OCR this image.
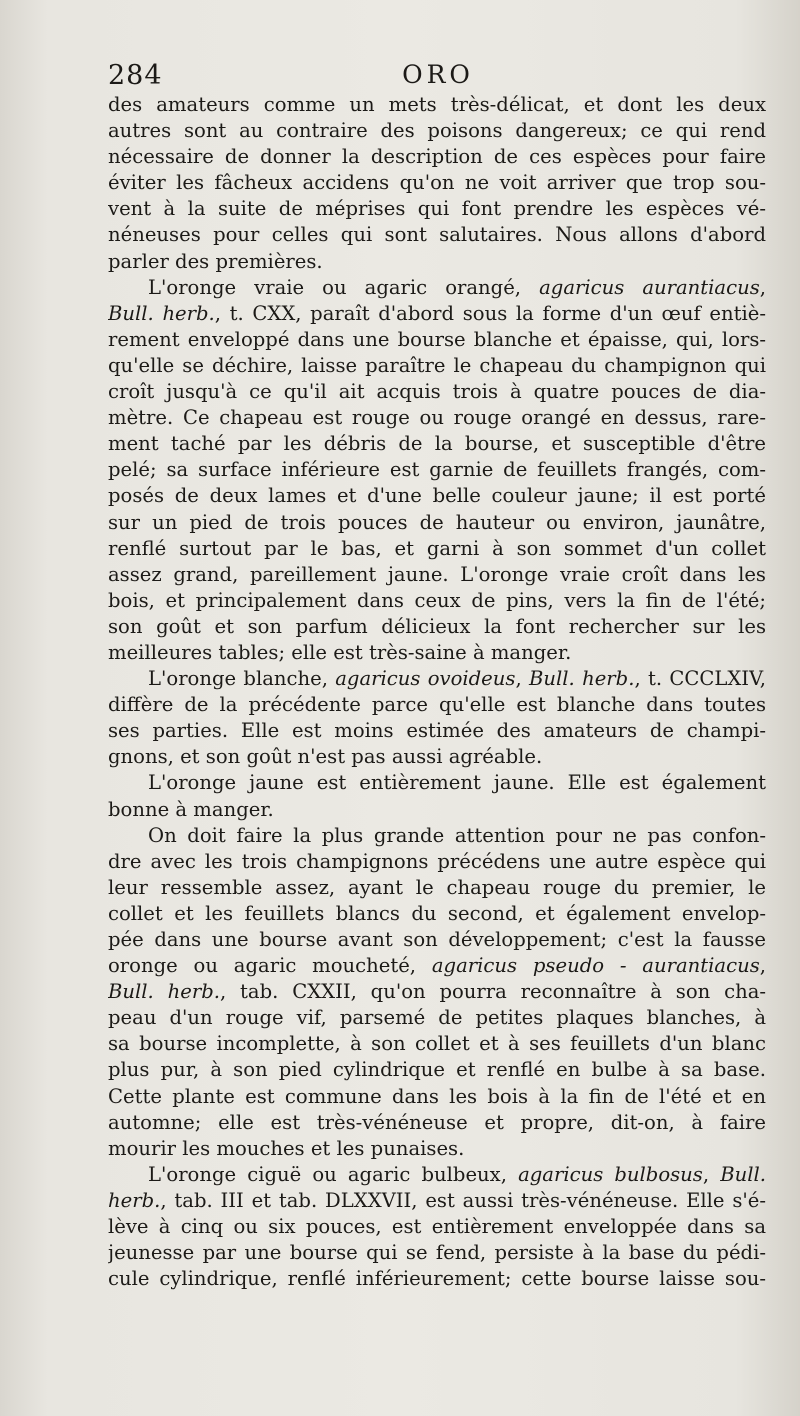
284	ORO
des amateurs comme un mets très-délicat, et dont les deux
autres sont au contraire des poisons dangereux; ce qui rend
nécessaire de donner la description de ces espèces pour faire
éviter les fâcheux accidens qu'on ne voit arriver que trop sou-
vent à la suite de méprises qui font prendre les espèces vé-
néneuses pour celles qui sont salutaires. Nous allons d'abord
parler des premières.
L'oronge vraie ou agaric orangé, agaricus aurantiacus,
Bull. herb., t. CXX, paraît d'abord sous la forme d'un œuf entiè-
rement enveloppé dans une bourse blanche et épaisse, qui, lors-
qu'elle se déchire, laisse paraître le chapeau du champignon qui
croît jusqu'à ce qu'il ait acquis trois à quatre pouces de dia-
mètre. Ce chapeau est rouge ou rouge orangé en dessus, rare-
ment taché par les débris de la bourse, et susceptible d'être
pelé; sa surface inférieure est garnie de feuillets frangés, com-
posés de deux lames et d'une belle couleur jaune; il est porté
sur un pied de trois pouces de hauteur ou environ, jaunâtre,
renflé surtout par le bas, et garni à son sommet d'un collet
assez grand, pareillement jaune. L'oronge vraie croît dans les
bois, et principalement dans ceux de pins, vers la fin de l'été;
son goût et son parfum délicieux la font rechercher sur les
meilleures tables; elle est très-saine à manger.
L'oronge blanche, agaricus ovoideus, Bull. herb., t. CCCLXIV,
diffère de la précédente parce qu'elle est blanche dans toutes
ses parties. Elle est moins estimée des amateurs de champi-
gnons, et son goût n'est pas aussi agréable.
L'oronge jaune est entièrement jaune. Elle est également
bonne à manger.
On doit faire la plus grande attention pour ne pas confon-
dre avec les trois champignons précédens une autre espèce qui
leur ressemble assez, ayant le chapeau rouge du premier, le
collet et les feuillets blancs du second, et également envelop-
pée dans une bourse avant son développement; c'est la fausse
oronge ou agaric moucheté, agaricus pseudo - aurantiacus,
Bull. herb., tab. CXXII, qu'on pourra reconnaître à son cha-
peau d'un rouge vif, parsemé de petites plaques blanches, à
sa bourse incomplette, à son collet et à ses feuillets d'un blanc
plus pur, à son pied cylindrique et renflé en bulbe à sa base.
Cette plante est commune dans les bois à la fin de l'été et en
automne; elle est très-vénéneuse et propre, dit-on, à faire
mourir les mouches et les punaises.
L'oronge ciguë ou agaric bulbeux, agaricus bulbosus, Bull.
herb., tab. III et tab. DLXXVII, est aussi très-vénéneuse. Elle s'é-
lève à cinq ou six pouces, est entièrement enveloppée dans sa
jeunesse par une bourse qui se fend, persiste à la base du pédi-
cule cylindrique, renflé inférieurement; cette bourse laisse sou-
